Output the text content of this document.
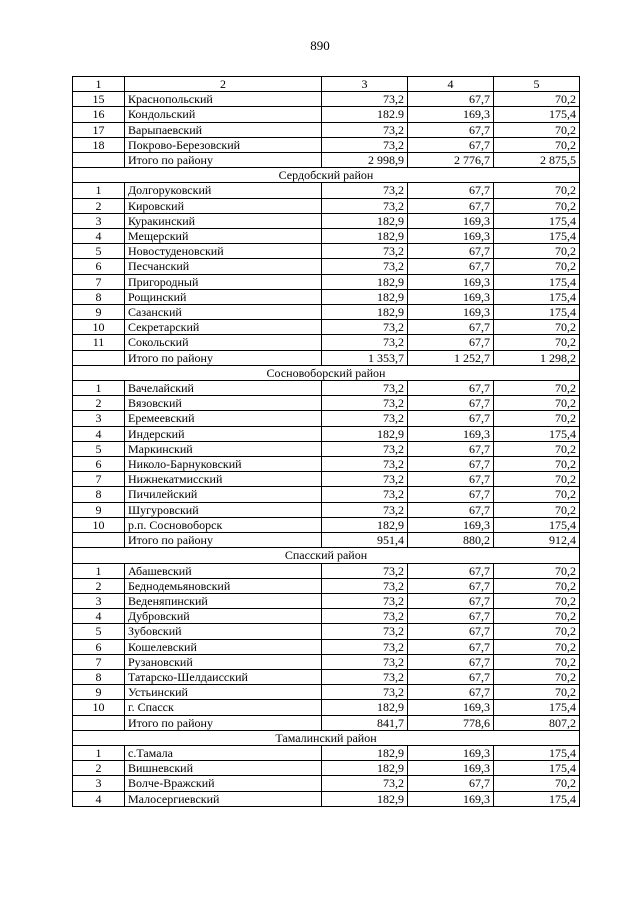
890
1	2	3	4	5
15	Краснопольский	73,2	67,7	70,2
16	Кондольский	182.9	169,3	175,4
17	Варыпаевский	73,2	67,7	70,2
18	Покрово-Березовский	73,2	67,7	70,2
	Итого по району	2 998,9	2 776,7	2 875,5
Сердобский район				
1	Долгоруковский	73,2	67,7	70,2
2	Кировский	73,2	67,7	70,2
3	Куракинский	182,9	169,3	175,4
4	Мещерский	182,9	169,3	175,4
5	Новостуденовский	73,2	67,7	70,2
6	Песчанский	73,2	67,7	70,2
7	Пригородный	182,9	169,3	175,4
8	Рощинский	182,9	169,3	175,4
9	Сазанский	182,9	169,3	175,4
10	Секретарский	73,2	67,7	70,2
11	Сокольский	73,2	67,7	70,2
	Итого по району	1 353,7	1 252,7	1 298,2
Сосновоборский район				
1	Вачелайский	73,2	67,7	70,2
2	Вязовский	73,2	67,7	70,2
3	Еремеевский	73,2	67,7	70,2
4	Индерский	182,9	169,3	175,4
5	Маркинский	73,2	67,7	70,2
6	Николо-Барнуковский	73,2	67,7	70,2
7	Нижнекатмисский	73,2	67,7	70,2
8	Пичилейский	73,2	67,7	70,2
9	Шугуровский	73,2	67,7	70,2
10	р.п. Сосновоборск	182,9	169,3	175,4
	Итого по району	951,4	880,2	912,4
Спасский район				
1	Абашевский	73,2	67,7	70,2
2	Беднодемьяновский	73,2	67,7	70,2
3	Веденяпинский	73,2	67,7	70,2
4	Дубровский	73,2	67,7	70,2
5	Зубовский	73,2	67,7	70,2
6	Кошелевский	73,2	67,7	70,2
7	Рузановский	73,2	67,7	70,2
8	Татарско-Шелдаисский	73,2	67,7	70,2
9	Устьинский	73,2	67,7	70,2
10	г. Спасск	182,9	169,3	175,4
	Итого по району	841,7	778,6	807,2
Тамалинский район				
1	с.Тамала	182,9	169,3	175,4
2	Вишневский	182,9	169,3	175,4
3	Волче-Вражский	73,2	67,7	70,2
4	Малосергиевский	182,9	169,3	175,4
